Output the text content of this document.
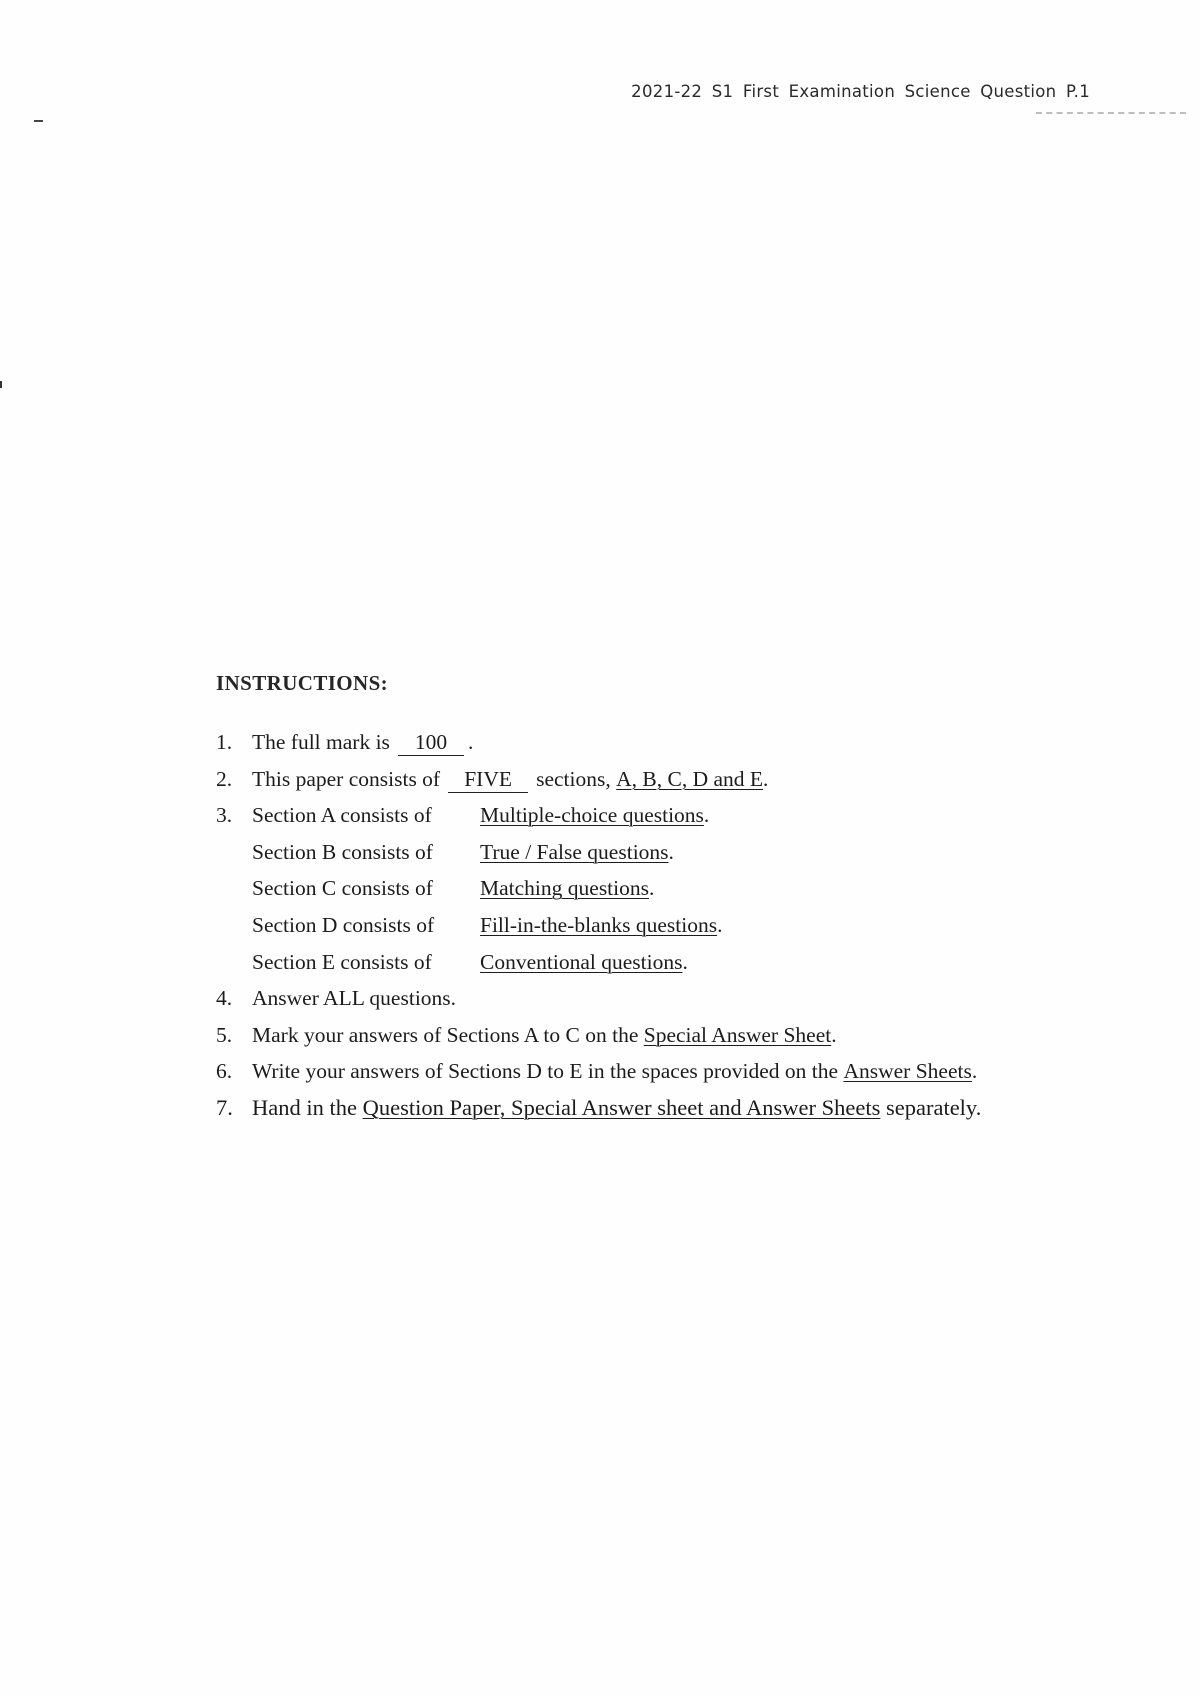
2021-22 S1 First Examination Science Question P.1
INSTRUCTIONS:
1. The full mark is	100 .
2. This paper consists of	FIVE	sections,
A, B, C, D and E .
3. Section A consists of	Multiple-choice questions .
Section B consists of	True / False questions .
Section C consists of	Matching questions .
Section D consists of	Fill-in-the-blanks questions .
Section E consists of	Conventional questions .
4. Answer ALL questions.
5. Mark your answers of Sections A to C on the
Special Answer Sheet .
6. Write your answers of Sections D to E in the spaces provided on the
Answer Sheets .
7. Hand in the
Question Paper, Special Answer sheet and Answer Sheets
separately.
